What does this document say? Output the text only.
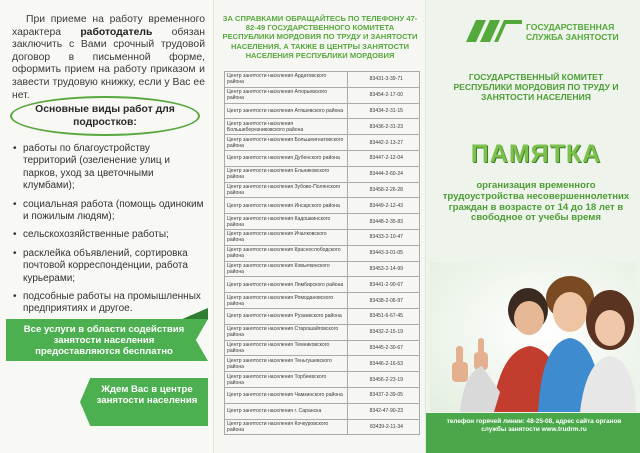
При приеме на работу временного характера работодатель обязан заключить с Вами срочный трудовой договор в письменной форме, оформить прием на работу приказом и завести трудовую книжку, если у Вас ее нет.
Основные виды работ для подростков:
• работы по благоустройству территорий (озеленение улиц и парков, уход за цветочными клумбами);
• социальная работа (помощь одиноким и пожилым людям);
• сельскохозяйственные работы;
• расклейка объявлений, сортировка почтовой корреспонденции, работа курьерами;
• подсобные работы на промышленных предприятиях и другое.
Все услуги в области содействия занятости населения предоставляются бесплатно
Ждем Вас в центре занятости населения
ЗА СПРАВКАМИ ОБРАЩАЙТЕСЬ ПО ТЕЛЕФОНУ 47-82-49 ГОСУДАРСТВЕННОГО КОМИТЕТА РЕСПУБЛИКИ МОРДОВИЯ ПО ТРУДУ И ЗАНЯТОСТИ НАСЕЛЕНИЯ, А ТАКЖЕ В ЦЕНТРЫ ЗАНЯТОСТИ НАСЕЛЕНИЯ РЕСПУБЛИКИ МОРДОВИЯ
Центр занятости населения Ардатовского района	83431-3-39-71
Центр занятости населения Атюрьевского района	83454-2-17-00
Центр занятости населения Атяшевского района	83434-2-31-15
Центр занятости населения Большеберезниковского района	83436-2-31-23
Центр занятости населения Большеигнатовского района	83442-2-13-27
Центр занятости населения Дубенского района	83447-2-12-04
Центр занятости населения Ельниковского района	83444-2-60-24
Центр занятости населения Зубово-Полянского района	83458-2-26-28
Центр занятости населения Инсарского района	83449-2-12-43
Центр занятости населения Кадошкинского района	83448-2-35-83
Центр занятости населения Ичалковского района	83433-2-10-47
Центр занятости населения Краснослободского района	83443-3-01-05
Центр занятости населения Ковылкинского района	83453-2-14-99
Центр занятости населения Лямбирского района	83441-2-90-67
Центр занятости населения Ромодановского района	83438-2-06-97
Центр занятости населения Рузаевского района	83451-6-67-45
Центр занятости населения Старошайговского района	83432-2-15-19
Центр занятости населения Темниковского района	83445-2-30-67
Центр занятости населения Теньгушевского района	83446-2-16-53
Центр занятости населения Торбеевского района	83456-2-23-19
Центр занятости населения Чамзинского района	83437-2-39-05
Центр занятости населения г. Саранска	8342-47-90-23
Центр занятости населения Кочкуровского района	83439-2-11-34
ГОСУДАРСТВЕННАЯ СЛУЖБА ЗАНЯТОСТИ
ГОСУДАРСТВЕННЫЙ КОМИТЕТ РЕСПУБЛИКИ МОРДОВИЯ ПО ТРУДУ И ЗАНЯТОСТИ НАСЕЛЕНИЯ
ПАМЯТКА
организация временного трудоустройства несовершеннолетних граждан в возрасте от 14 до 18 лет в свободное от учебы время
телефон горячей линии: 48-25-08, адрес сайта органов службы занятости www.trudrm.ru
